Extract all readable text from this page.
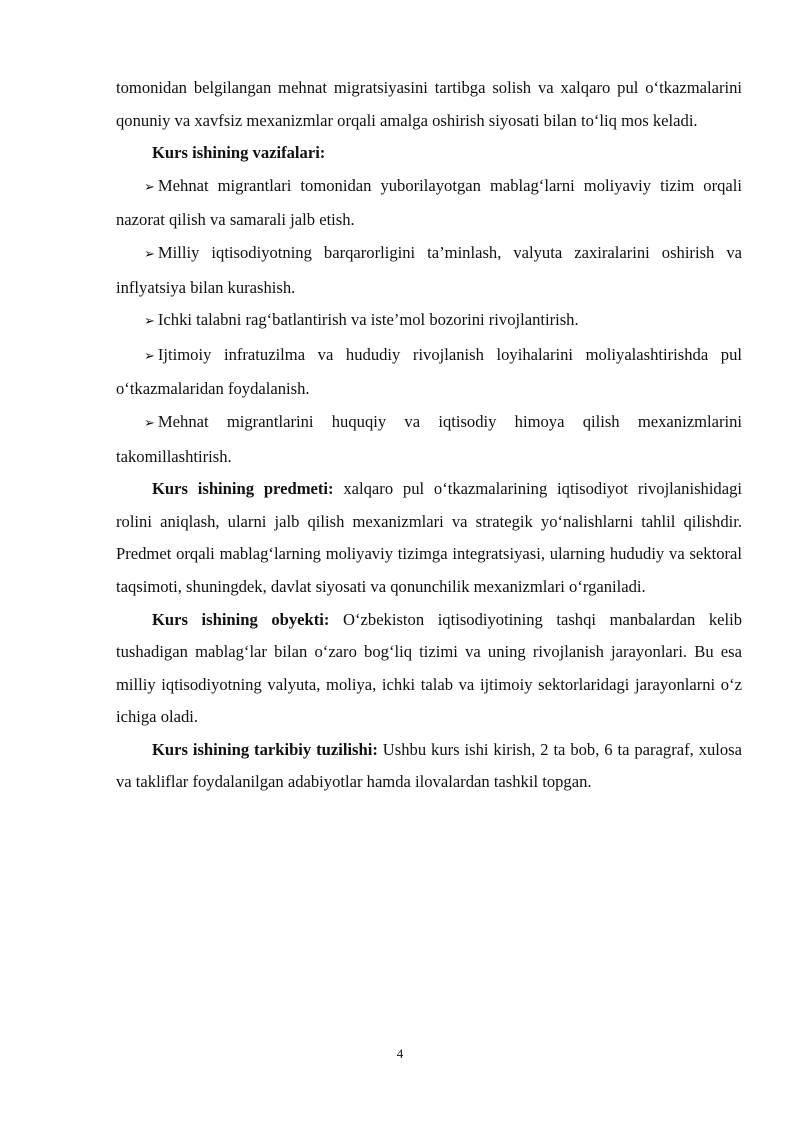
tomonidan belgilangan mehnat migratsiyasini tartibga solish va xalqaro pul o‘tkazmalarini qonuniy va xavfsiz mexanizmlar orqali amalga oshirish siyosati bilan to‘liq mos keladi.

Kurs ishining vazifalari:

➢ Mehnat migrantlari tomonidan yuborilayotgan mablag‘larni moliyaviy tizim orqali nazorat qilish va samarali jalb etish.

➢ Milliy iqtisodiyotning barqarorligini ta’minlash, valyuta zaxiralarini oshirish va inflyatsiya bilan kurashish.

➢ Ichki talabni rag‘batlantirish va iste’mol bozorini rivojlantirish.

➢ Ijtimoiy infratuzilma va hududiy rivojlanish loyihalarini moliyalashtirishda pul o‘tkazmalaridan foydalanish.

➢ Mehnat migrantlarini huquqiy va iqtisodiy himoya qilish mexanizmlarini takomillashtirish.

Kurs ishining predmeti: xalqaro pul o‘tkazmalarining iqtisodiyot rivojlanishidagi rolini aniqlash, ularni jalb qilish mexanizmlari va strategik yo‘nalishlarni tahlil qilishdir. Predmet orqali mablag‘larning moliyaviy tizimga integratsiyasi, ularning hududiy va sektoral taqsimoti, shuningdek, davlat siyosati va qonunchilik mexanizmlari o‘rganiladi.

Kurs ishining obyekti: O‘zbekiston iqtisodiyotining tashqi manbalardan kelib tushadigan mablag‘lar bilan o‘zaro bog‘liq tizimi va uning rivojlanish jarayonlari. Bu esa milliy iqtisodiyotning valyuta, moliya, ichki talab va ijtimoiy sektorlaridagi jarayonlarni o‘z ichiga oladi.

Kurs ishining tarkibiy tuzilishi: Ushbu kurs ishi kirish, 2 ta bob, 6 ta paragraf, xulosa va takliflar foydalanilgan adabiyotlar hamda ilovalardan tashkil topgan.

4
